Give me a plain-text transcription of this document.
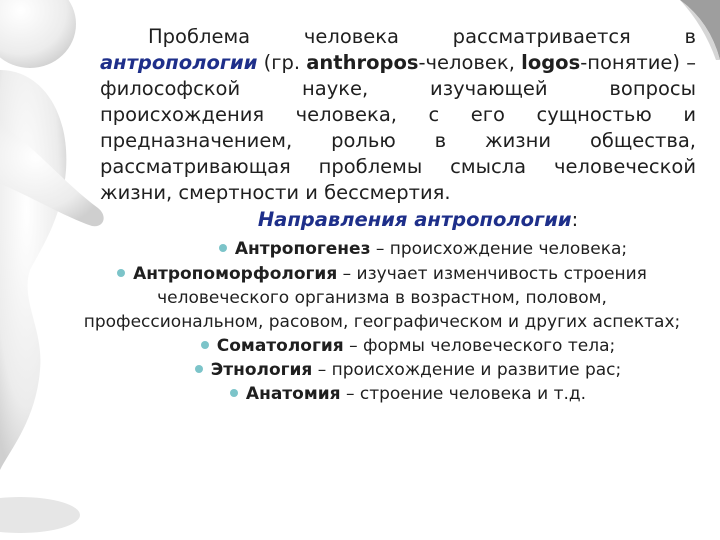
Проблема человека рассматривается в антропологии (гр. anthropos-человек, logos-понятие) – философской науке, изучающей вопросы происхождения человека, с его сущностью и предназначением, ролью в жизни общества, рассматривающая проблемы смысла человеческой жизни, смертности и бессмертия.

Направления антропологии:
Антропогенез – происхождение человека;
Антропоморфология – изучает изменчивость строения человеческого организма в возрастном, половом, профессиональном, расовом, географическом и других аспектах;
Соматология – формы человеческого тела;
Этнология – происхождение и развитие рас;
Анатомия – строение человека и т.д.
